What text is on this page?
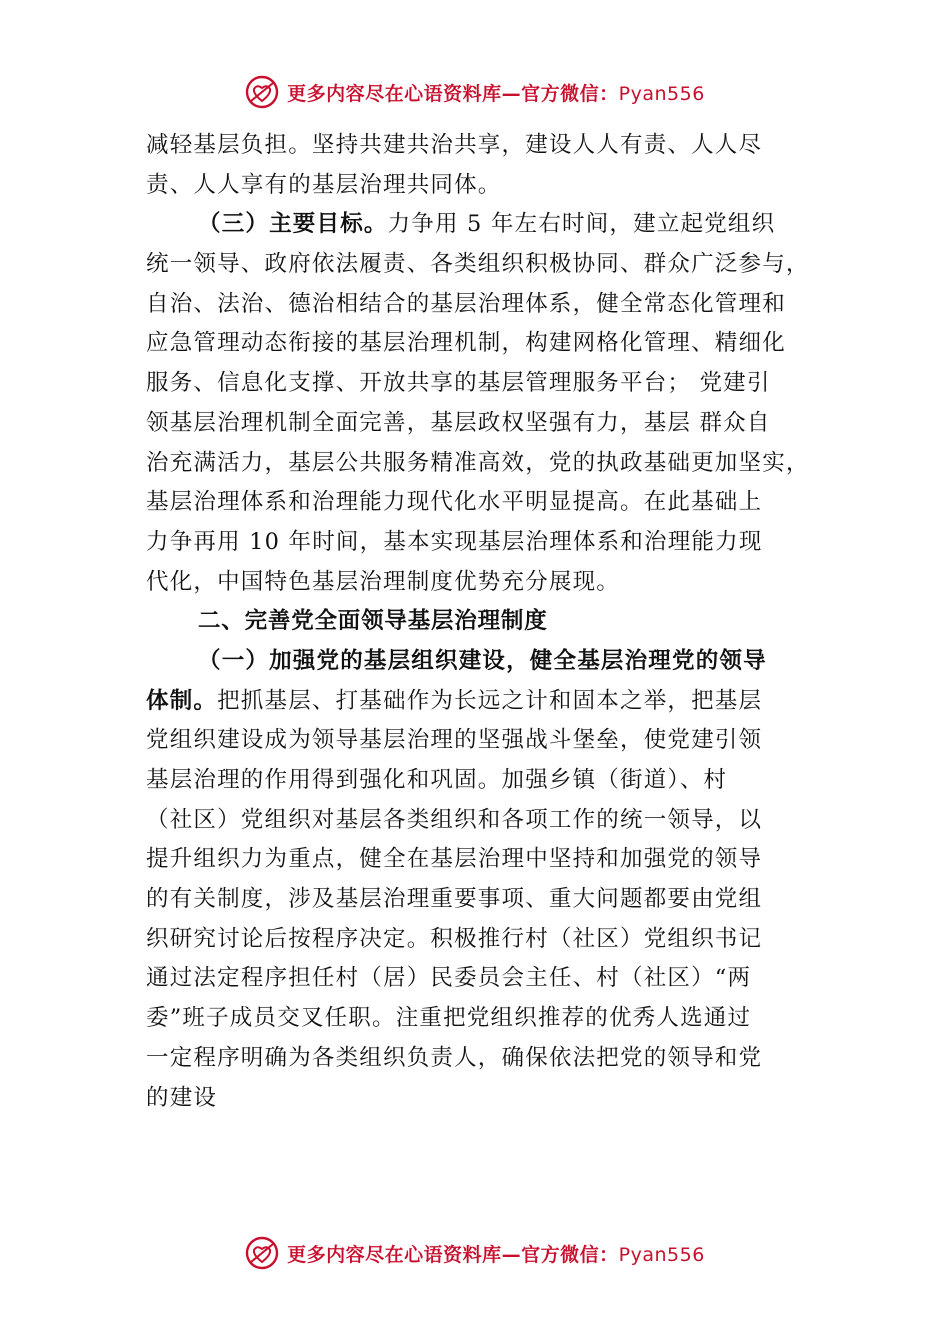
更多内容尽在心语资料库—官方微信：Pyan556
减轻基层负担。坚持共建共治共享，建设人人有责、人人尽
责、人人享有的基层治理共同体。
（三）主要目标。力争用 5 年左右时间，建立起党组织
统一领导、政府依法履责、各类组织积极协同、群众广泛参与，
自治、法治、德治相结合的基层治理体系，健全常态化管理和
应急管理动态衔接的基层治理机制，构建网格化管理、精细化
服务、信息化支撑、开放共享的基层管理服务平台； 党建引
领基层治理机制全面完善，基层政权坚强有力，基层 群众自
治充满活力，基层公共服务精准高效，党的执政基础更加坚实，
基层治理体系和治理能力现代化水平明显提高。在此基础上
力争再用 10 年时间，基本实现基层治理体系和治理能力现
代化，中国特色基层治理制度优势充分展现。
二、完善党全面领导基层治理制度
（一）加强党的基层组织建设，健全基层治理党的领导
体制。把抓基层、打基础作为长远之计和固本之举，把基层
党组织建设成为领导基层治理的坚强战斗堡垒，使党建引领
基层治理的作用得到强化和巩固。加强乡镇（街道）、村
（社区）党组织对基层各类组织和各项工作的统一领导，以
提升组织力为重点，健全在基层治理中坚持和加强党的领导
的有关制度，涉及基层治理重要事项、重大问题都要由党组
织研究讨论后按程序决定。积极推行村（社区）党组织书记
通过法定程序担任村（居）民委员会主任、村（社区）“两
委”班子成员交叉任职。注重把党组织推荐的优秀人选通过
一定程序明确为各类组织负责人，确保依法把党的领导和党
的建设
更多内容尽在心语资料库—官方微信：Pyan556
